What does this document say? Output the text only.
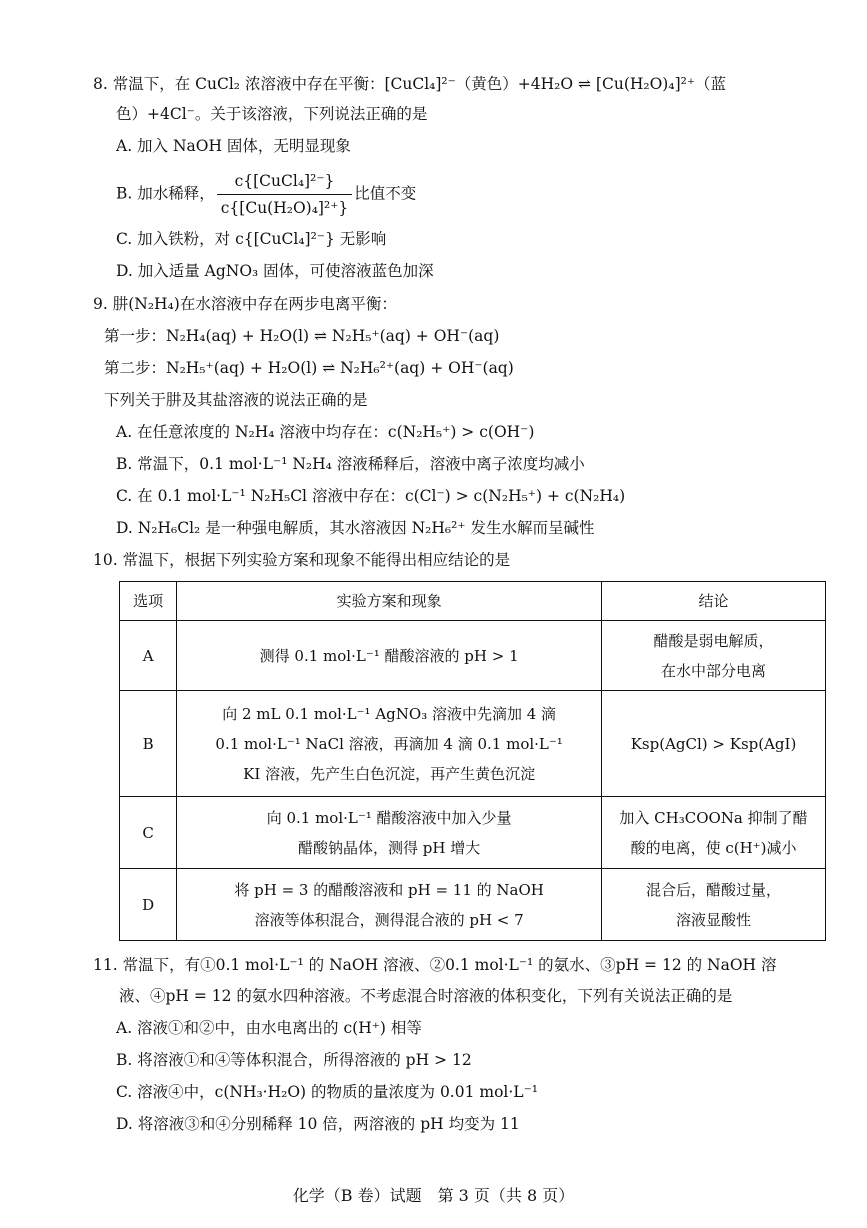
8. 常温下，在 CuCl₂ 浓溶液中存在平衡：[CuCl₄]²⁻（黄色）+4H₂O ⇌ [Cu(H₂O)₄]²⁺（蓝
色）+4Cl⁻。关于该溶液，下列说法正确的是
A. 加入 NaOH 固体，无明显现象
B. 加水稀释， $\frac{\text{c\{[CuCl₄]²⁻\}}}{\text{c\{[Cu(H₂O)₄]²⁺\}}}$ 比值不变
C. 加入铁粉，对 c{[CuCl₄]²⁻} 无影响
D. 加入适量 AgNO₃ 固体，可使溶液蓝色加深
9. 肼(N₂H₄)在水溶液中存在两步电离平衡：
第一步：N₂H₄(aq) + H₂O(l) ⇌ N₂H₅⁺(aq) + OH⁻(aq)
第二步：N₂H₅⁺(aq) + H₂O(l) ⇌ N₂H₆²⁺(aq) + OH⁻(aq)
下列关于肼及其盐溶液的说法正确的是
A. 在任意浓度的 N₂H₄ 溶液中均存在：c(N₂H₅⁺) > c(OH⁻)
B. 常温下，0.1 mol·L⁻¹ N₂H₄ 溶液稀释后，溶液中离子浓度均减小
C. 在 0.1 mol·L⁻¹ N₂H₅Cl 溶液中存在：c(Cl⁻) > c(N₂H₅⁺) + c(N₂H₄)
D. N₂H₆Cl₂ 是一种强电解质，其水溶液因 N₂H₆²⁺ 发生水解而呈碱性
10. 常温下，根据下列实验方案和现象不能得出相应结论的是
选项	实验方案和现象	结论
A	测得 0.1 mol·L⁻¹ 醋酸溶液的 pH > 1	醋酸是弱电解质，
在水中部分电离

B	向 2 mL 0.1 mol·L⁻¹ AgNO₃ 溶液中先滴加 4 滴
0.1 mol·L⁻¹ NaCl 溶液，再滴加 4 滴 0.1 mol·L⁻¹
KI 溶液，先产生白色沉淀，再产生黄色沉淀	Ksp(AgCl) > Ksp(AgI)

C	向 0.1 mol·L⁻¹ 醋酸溶液中加入少量
醋酸钠晶体，测得 pH 增大	加入 CH₃COONa 抑制了醋
酸的电离，使 c(H⁺)减小

D	将 pH = 3 的醋酸溶液和 pH = 11 的 NaOH
溶液等体积混合，测得混合液的 pH < 7	混合后，醋酸过量，
溶液显酸性
11. 常温下，有①0.1 mol·L⁻¹ 的 NaOH 溶液、②0.1 mol·L⁻¹ 的氨水、③pH = 12 的 NaOH 溶
液、④pH = 12 的氨水四种溶液。不考虑混合时溶液的体积变化，下列有关说法正确的是
A. 溶液①和②中，由水电离出的 c(H⁺) 相等
B. 将溶液①和④等体积混合，所得溶液的 pH > 12
C. 溶液④中，c(NH₃·H₂O) 的物质的量浓度为 0.01 mol·L⁻¹
D. 将溶液③和④分别稀释 10 倍，两溶液的 pH 均变为 11
化学（B 卷）试题　第 3 页（共 8 页）
